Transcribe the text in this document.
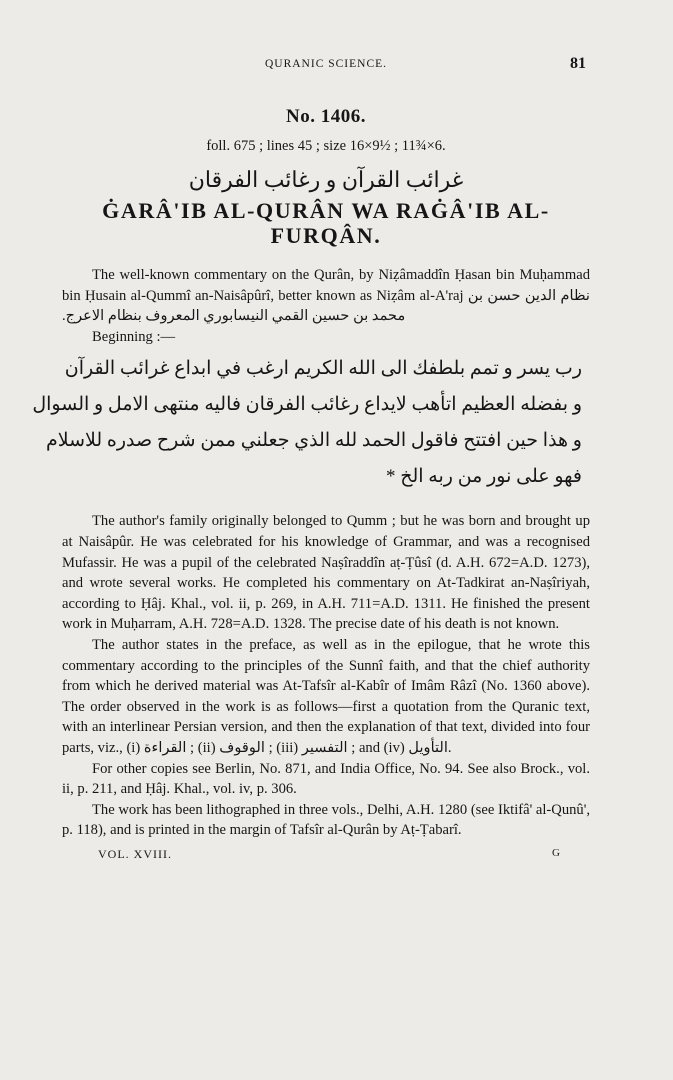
QURANIC SCIENCE.	81
No. 1406.
foll. 675 ; lines 45 ; size 16×9½ ; 11¾×6.
غرائب القرآن و رغائب الفرقان
ĠARÂ'IB AL-QURÂN WA RAĠÂ'IB AL-
FURQÂN.

The well-known commentary on the Qurân, by Niẓâmaddîn Ḥasan bin Muḥammad bin Ḥusain al-Qummî an-Naisâpûrî, better known as Niẓâm al-A'raj نظام الدين حسن بن محمد بن حسين القمي النيسابوري المعروف بنظام الاعرج.

Beginning :—
رب يسر و تمم بلطفك الى الله الكريم ارغب في ابداع غرائب القرآن
و بفضله العظيم اتأهب لايداع رغائب الفرقان فاليه منتهى الامل و السوال
و هذا حين افتتح فاقول الحمد لله الذي جعلني ممن شرح صدره للاسلام
فهو على نور من ربه الخ *

The author's family originally belonged to Qumm ; but he was born and brought up at Naisâpûr. He was celebrated for his knowledge of Grammar, and was a recognised Mufassir. He was a pupil of the celebrated Naṣîraddîn aṭ-Ṭûsî (d. A.H. 672=A.D. 1273), and wrote several works. He completed his commentary on At-Tadkirat an-Naṣîriyah, according to Ḥâj. Khal., vol. ii, p. 269, in A.H. 711=A.D. 1311. He finished the present work in Muḥarram, A.H. 728=A.D. 1328. The precise date of his death is not known.

The author states in the preface, as well as in the epilogue, that he wrote this commentary according to the principles of the Sunnî faith, and that the chief authority from which he derived material was At-Tafsîr al-Kabîr of Imâm Râzî (No. 1360 above). The order observed in the work is as follows—first a quotation from the Quranic text, with an interlinear Persian version, and then the explanation of that text, divided into four parts, viz., (i) القراءة ; (ii) الوقوف ; (iii) التفسير ; and (iv) التأويل.

For other copies see Berlin, No. 871, and India Office, No. 94. See also Brock., vol. ii, p. 211, and Ḥâj. Khal., vol. iv, p. 306.

The work has been lithographed in three vols., Delhi, A.H. 1280 (see Iktifâ' al-Qunû', p. 118), and is printed in the margin of Tafsîr al-Qurân by Aṭ-Ṭabarî.

VOL. XVIII.	G
